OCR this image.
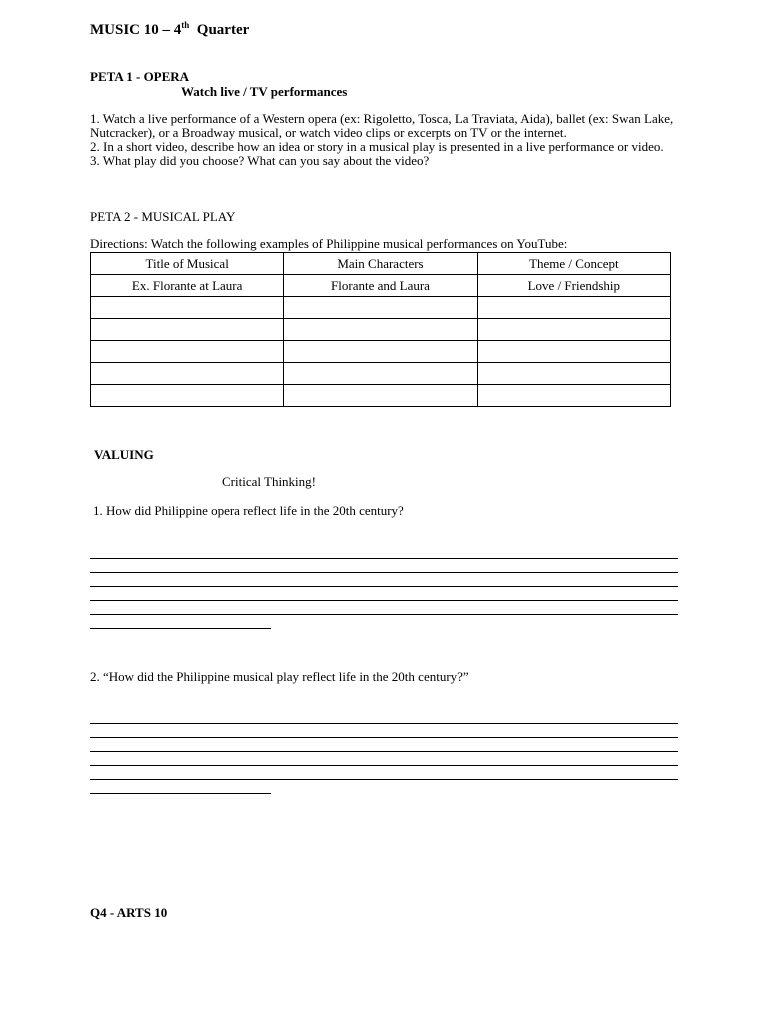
MUSIC 10 – 4th Quarter
PETA 1 - OPERA
Watch live / TV performances
1. Watch a live performance of a Western opera (ex: Rigoletto, Tosca, La Traviata, Aida), ballet (ex: Swan Lake, Nutcracker), or a Broadway musical, or watch video clips or excerpts on TV or the internet.
2. In a short video, describe how an idea or story in a musical play is presented in a live performance or video.
3. What play did you choose? What can you say about the video?
PETA 2 - MUSICAL PLAY
Directions: Watch the following examples of Philippine musical performances on YouTube:
Title of Musical	Main Characters	Theme / Concept
Ex. Florante at Laura	Florante and Laura	Love / Friendship

VALUING
Critical Thinking!
1. How did Philippine opera reflect life in the 20th century?
2. “How did the Philippine musical play reflect life in the 20th century?”
Q4 - ARTS 10
